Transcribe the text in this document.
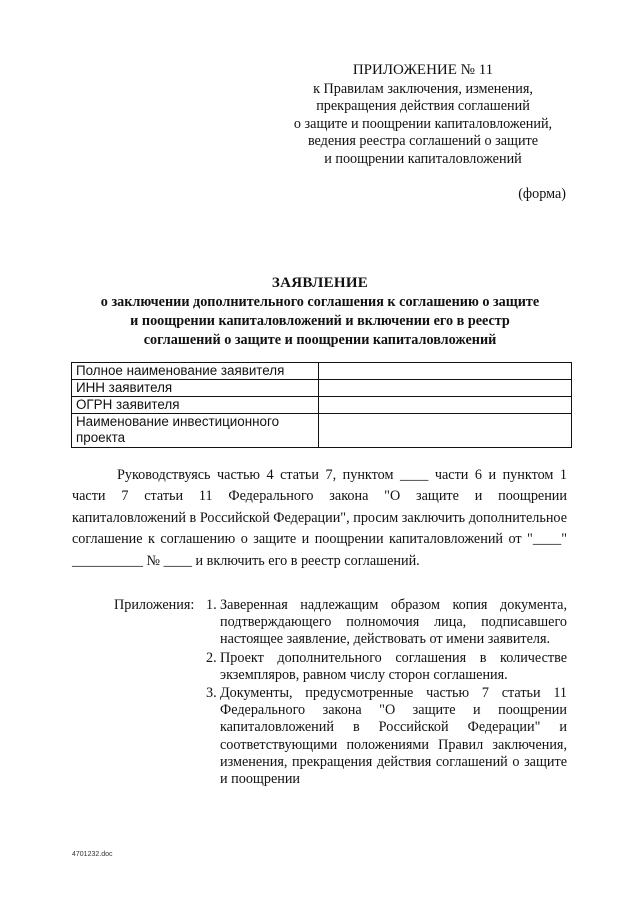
ПРИЛОЖЕНИЕ № 11
к Правилам заключения, изменения,
прекращения действия соглашений
о защите и поощрении капиталовложений,
ведения реестра соглашений о защите
и поощрении капиталовложений
(форма)
ЗАЯВЛЕНИЕ
о заключении дополнительного соглашения к соглашению о защите
и поощрении капиталовложений и включении его в реестр
соглашений о защите и поощрении капиталовложений
Полное наименование заявителя	
ИНН заявителя	
ОГРН заявителя	
Наименование инвестиционного проекта	
Руководствуясь частью 4 статьи 7, пунктом ____ части 6 и пунктом 1 части 7 статьи 11 Федерального закона "О защите и поощрении капиталовложений в Российской Федерации", просим заключить дополнительное соглашение к соглашению о защите и поощрении капиталовложений от "____" __________ № ____ и включить его в реестр соглашений.
Приложения: 1. Заверенная надлежащим образом копия документа, подтверждающего полномочия лица, подписавшего настоящее заявление, действовать от имени заявителя.
2. Проект дополнительного соглашения в количестве экземпляров, равном числу сторон соглашения.
3. Документы, предусмотренные частью 7 статьи 11 Федерального закона "О защите и поощрении капиталовложений в Российской Федерации" и соответствующими положениями Правил заключения, изменения, прекращения действия соглашений о защите и поощрении
4701232.doc
